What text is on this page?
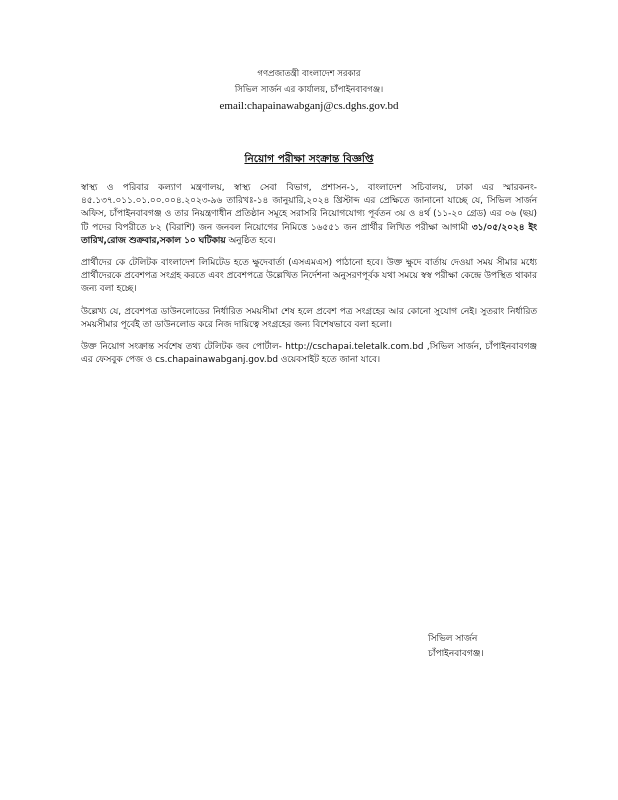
গণপ্রজাতন্ত্রী বাংলাদেশ সরকার
সিভিল সার্জন এর কার্যালয়, চাঁপাইনবাবগঞ্জ।
email:chapainawabganj@cs.dghs.gov.bd
নিয়োগ পরীক্ষা সংক্রান্ত বিজ্ঞপ্তি

স্বাস্থ্য ও পরিবার কল্যাণ মন্ত্রণালয়, স্বাস্থ্য সেবা বিভাগ, প্রশাসন-১, বাংলাদেশ সচিবালয়, ঢাকা এর স্মারকনং- ৪৫.১৩৭.০১১.০১.০০.০০৪.২০২৩-৯৬ তারিখঃ-১৪ জানুয়ারি,২০২৪ খ্রিস্টাব্দ এর প্রেক্ষিতে জানানো যাচ্ছে যে, সিভিল সার্জন অফিস, চাঁপাইনবাবগঞ্জ ও তার নিয়ন্ত্রণাধীন প্রতিষ্ঠান সমূহে সরাসরি নিয়োগযোগ্য পূর্বতন ৩য় ও ৪র্থ (১১-২০ গ্রেড) এর ০৬ (ছয়) টি পদের বিপরীতে ৮২ (বিরাশি) জন জনবল নিয়োগের নিমিত্তে ১৬৫৫১ জন প্রার্থীর লিখিত পরীক্ষা আগামী ৩১/০৫/২০২৪ ইং তারিখ,রোজ শুক্রবার,সকাল ১০ ঘটিকায় অনুষ্ঠিত হবে।

প্রার্থীদের কে টেলিটক বাংলাদেশ লিমিটেড হতে ক্ষুদেবার্তা (এসএমএস) পাঠানো হবে। উক্ত ক্ষুদে বার্তায় দেওয়া সময় সীমার মধ্যে প্রার্থীদেরকে প্রবেশপত্র সংগ্রহ করতে এবং প্রবেশপত্রে উল্লেখিত নির্দেশনা অনুসরণপূর্বক যথা সময়ে স্বস্ব পরীক্ষা কেন্দ্রে উপস্থিত থাকার জন্য বলা হচ্ছে।

উল্লেখ্য যে, প্রবেশপত্র ডাউনলোডের নির্ধারিত সময়সীমা শেষ হলে প্রবেশ পত্র সংগ্রহের আর কোনো সুযোগ নেই। সুতরাং নির্ধারিত সময়সীমার পূর্বেই তা ডাউনলোড করে নিজ দায়িত্বে সংগ্রহের জন্য বিশেষভাবে বলা হলো।

উক্ত নিয়োগ সংক্রান্ত সর্বশেষ তথ্য টেলিটক জব পোর্টাল- http://cschapai.teletalk.com.bd ,সিভিল সার্জন, চাঁপাইনবাবগঞ্জ এর ফেসবুক পেজ ও cs.chapainawabganj.gov.bd ওয়েবসাইট হতে জানা যাবে।

সিভিল সার্জন
চাঁপাইনবাবগঞ্জ।
